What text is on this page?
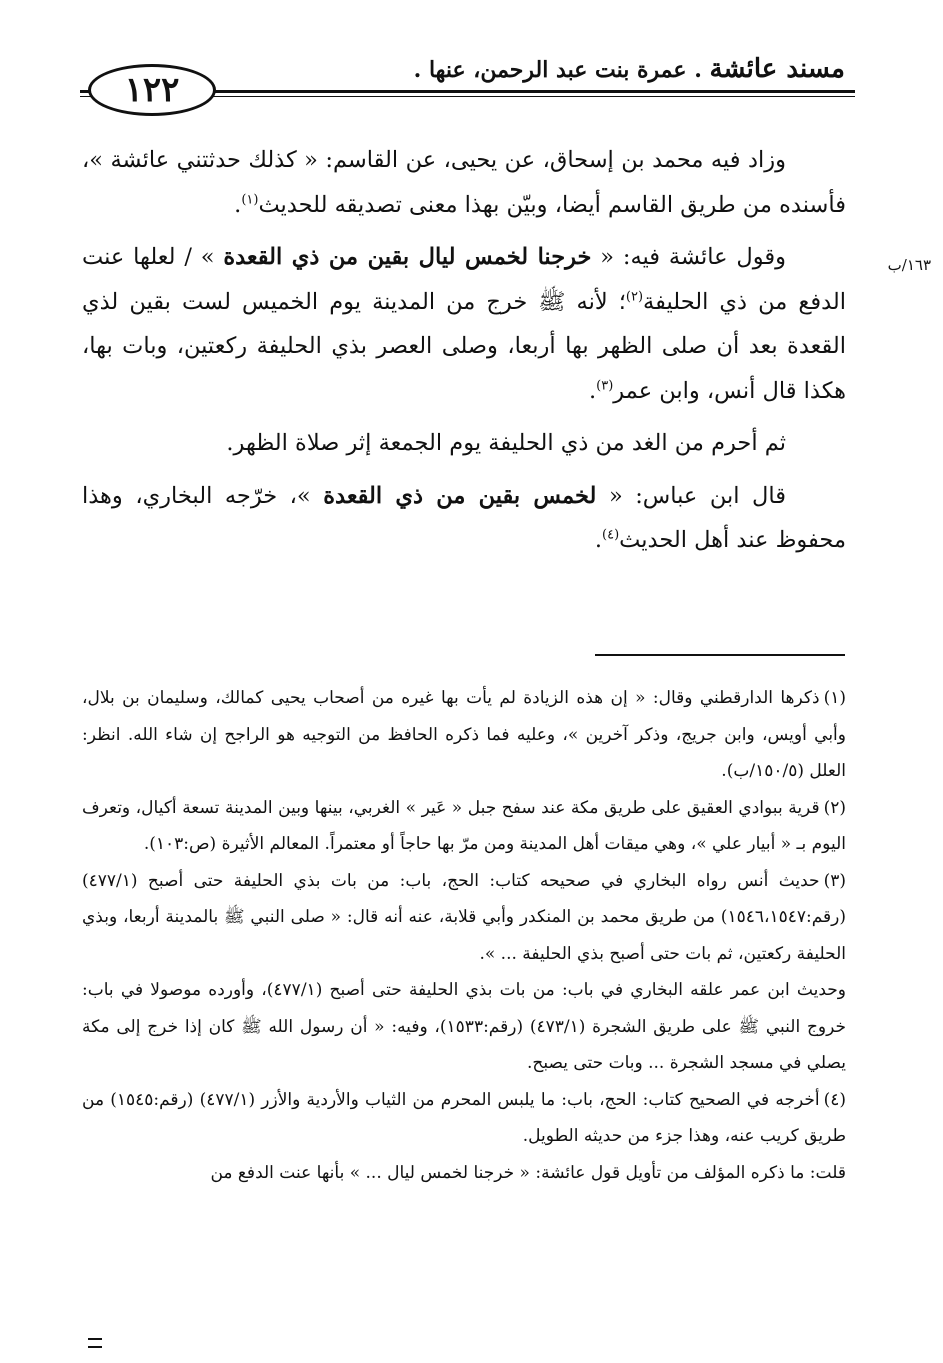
١٢٢
مسند عائشة . عمرة بنت عبد الرحمن، عنها .
١٦٣/ب

وزاد فيه محمد بن إسحاق، عن يحيى، عن القاسم: « كذلك حدثتني عائشة »، فأسنده من طريق القاسم أيضا، وبيّن بهذا معنى تصديقه للحديث$^{(١)}$.

وقول عائشة فيه: « خرجنا لخمس ليال بقين من ذي القعدة » / لعلها عنت الدفع من ذي الحليفة$^{(٢)}$؛ لأنه ﷺ خرج من المدينة يوم الخميس لست بقين لذي القعدة بعد أن صلى الظهر بها أربعا، وصلى العصر بذي الحليفة ركعتين، وبات بها، هكذا قال أنس، وابن عمر$^{(٣)}$.

ثم أحرم من الغد من ذي الحليفة يوم الجمعة إثر صلاة الظهر.

قال ابن عباس: « لخمس بقين من ذي القعدة »، خرّجه البخاري، وهذا محفوظ عند أهل الحديث$^{(٤)}$.

(١)ذكرها الدارقطني وقال: « إن هذه الزيادة لم يأت بها غيره من أصحاب يحيى كمالك، وسليمان بن بلال، وأبي أويس، وابن جريج، وذكر آخرين »، وعليه فما ذكره الحافظ من التوجيه هو الراجح إن شاء الله. انظر: العلل (١٥٠/٥/ب).

(٢)قرية ببوادي العقيق على طريق مكة عند سفح جبل « عَير » الغربي، بينها وبين المدينة تسعة أكيال، وتعرف اليوم بـ « أبيار علي »، وهي ميقات أهل المدينة ومن مرّ بها حاجاً أو معتمراً. المعالم الأثيرة (ص:١٠٣).

(٣)حديث أنس رواه البخاري في صحيحه كتاب: الحج، باب: من بات بذي الحليفة حتى أصبح (٤٧٧/١) (رقم:١٥٤٦،١٥٤٧) من طريق محمد بن المنكدر وأبي قلابة، عنه أنه قال: « صلى النبي ﷺ بالمدينة أربعا، وبذي الحليفة ركعتين، ثم بات حتى أصبح بذي الحليفة ... ».

وحديث ابن عمر علقه البخاري في باب: من بات بذي الحليفة حتى أصبح (٤٧٧/١)، وأورده موصولا في باب: خروج النبي ﷺ على طريق الشجرة (٤٧٣/١) (رقم:١٥٣٣)، وفيه: « أن رسول الله ﷺ كان إذا خرج إلى مكة يصلي في مسجد الشجرة ... وبات حتى يصبح.

(٤)أخرجه في الصحيح كتاب: الحج، باب: ما يلبس المحرم من الثياب والأردية والأزر (٤٧٧/١) (رقم:١٥٤٥) من طريق كريب عنه، وهذا جزء من حديثه الطويل.

قلت: ما ذكره المؤلف من تأويل قول عائشة: « خرجنا لخمس ليال ... » بأنها عنت الدفع من
